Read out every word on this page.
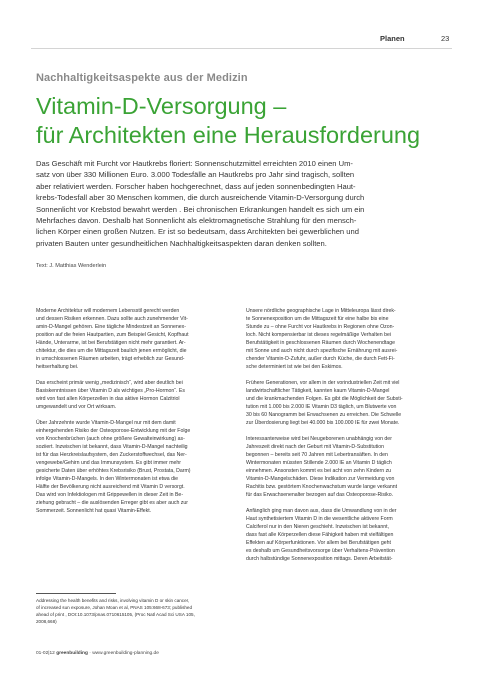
Planen	23
Nachhaltigkeitsaspekte aus der Medizin
Vitamin-D-Versorgung –
für Architekten eine Herausforderung
Das Geschäft mit Furcht vor Hautkrebs floriert: Sonnenschutzmittel erreichten 2010 einen Um-
satz von über 330 Millionen Euro. 3.000 Todesfälle an Hautkrebs pro Jahr sind tragisch, sollten
aber relativiert werden. Forscher haben hochgerechnet, dass auf jeden sonnenbedingten Haut-
krebs-Todesfall aber 30 Menschen kommen, die durch ausreichende Vitamin-D-Versorgung durch
Sonnenlicht vor Krebstod bewahrt werden . Bei chronischen Erkrankungen handelt es sich um ein
Mehrfaches davon. Deshalb hat Sonnenlicht als elektromagnetische Strahlung für den mensch-
lichen Körper einen großen Nutzen. Er ist so bedeutsam, dass Architekten bei gewerblichen und
privaten Bauten unter gesundheitlichen Nachhaltigkeitsaspekten daran denken sollten.
Text: J. Matthias Wenderlein

Moderne Architektur will modernem Lebensstil gerecht werden
und dessen Risiken erkennen. Dazu sollte auch zunehmender Vit-
amin-D-Mangel gehören. Eine tägliche Mindestzeit an Sonnenex-
position auf die freien Hautpartien, zum Beispiel Gesicht, Kopfhaut
Hände, Unterarme, ist bei Berufstätigen nicht mehr garantiert. Ar-
chitektur, die dies um die Mittagszeit baulich jenen ermöglicht, die
in umschlossenen Räumen arbeiten, trägt erheblich zur Gesund-
heitserhaltung bei.

Das erscheint primär wenig „medizinisch“, wird aber deutlich bei
Basiskenntnissen über Vitamin D als wichtiges „Pro-Hormon“. Es
wird von fast allen Körperzellen in das aktive Hormon Calzitriol
umgewandelt und vor Ort wirksam.

Über Jahrzehnte wurde Vitamin-D-Mangel nur mit dem damit
einhergehenden Risiko der Osteoporose-Entwicklung mit der Folge
von Knochenbrüchen (auch ohne größere Gewalteinwirkung) as-
soziiert. Inzwischen ist bekannt, dass Vitamin-D-Mangel nachteilig
ist für das Herzkreislaufsystem, den Zuckerstoffwechsel, das Ner-
vengewebe/Gehirn und das Immunsystem. Es gibt immer mehr
gesicherte Daten über erhöhtes Krebsrisiko (Brust, Prostata, Darm)
infolge Vitamin-D-Mangels. In den Wintermonaten ist etwa die
Hälfte der Bevölkerung nicht ausreichend mit Vitamin D versorgt.
Das wird von Infektiologen mit Grippewellen in dieser Zeit in Be-
ziehung gebracht – die auslösenden Erreger gibt es aber auch zur
Sommerzeit. Sonnenlicht hat quasi Vitamin-Effekt.

Unsere nördliche geographische Lage in Mitteleuropa lässt direk-
te Sonnenexposition um die Mittagszeit für eine halbe bis eine
Stunde zu – ohne Furcht vor Hautkrebs in Regionen ohne Ozon-
loch. Nicht kompensierbar ist dieses regelmäßige Verhalten bei
Berufstätigkeit in geschlossenen Räumen durch Wochenendtage
mit Sonne und auch nicht durch spezifische Ernährung mit ausrei-
chender Vitamin-D-Zufuhr, außer durch Küche, die durch Fett-Fi-
sche determiniert ist wie bei den Eskimos.

Frühere Generationen, vor allem in der vorindustriellen Zeit mit viel
landwirtschaftlicher Tätigkeit, kannten kaum Vitamin-D-Mangel
und die krankmachenden Folgen. Es gibt die Möglichkeit der Substi-
tution mit 1.000 bis 2.000 IE Vitamin D3 täglich, um Blutwerte von
30 bis 60 Nanogramm bei Erwachsenen zu erreichen. Die Schwelle
zur Überdosierung liegt bei 40.000 bis 100.000 IE für zwei Monate.

Interessanterweise wird bei Neugeborenen unabhängig von der
Jahreszeit direkt nach der Geburt mit Vitamin-D-Substitution
begonnen – bereits seit 70 Jahren mit Lebertransäften. In den
Wintermonaten müssten Stillende 2.000 IE an Vitamin D täglich
einnehmen. Ansonsten kommt es bei acht von zehn Kindern zu
Vitamin-D-Mangelschäden. Diese Indikation zur Vermeidung von
Rachitis bzw. gestörtem Knochenwachstum wurde lange verkannt
für das Erwachsenenalter bezogen auf das Osteoporose-Risiko.

Anfänglich ging man davon aus, dass die Umwandlung von in der
Haut synthetisiertem Vitamin D in die wesentliche aktivere Form
Calciferol nur in den Nieren geschieht. Inzwischen ist bekannt,
dass fast alle Körperzellen diese Fähigkeit haben mit vielfältigen
Effekten auf Körperfunktionen. Vor allem bei Berufstätigen geht
es deshalb um Gesundheitsvorsorge über Verhaltens-Prävention
durch halbstündige Sonnenexposition mittags. Deren Arbeitstät-

Addressing the health benefits and risks, involving vitamin D or skin cancer,
of increased sun exposure, Johan Moan et al, PNAS 105:668-673; published
ahead of print , DOI:10.1073/pnas.0710615105, (Proc Natl Acad Sci USA 105,
2008,668)
01-02|12 greenbuilding · www.greenbuilding-planning.de
